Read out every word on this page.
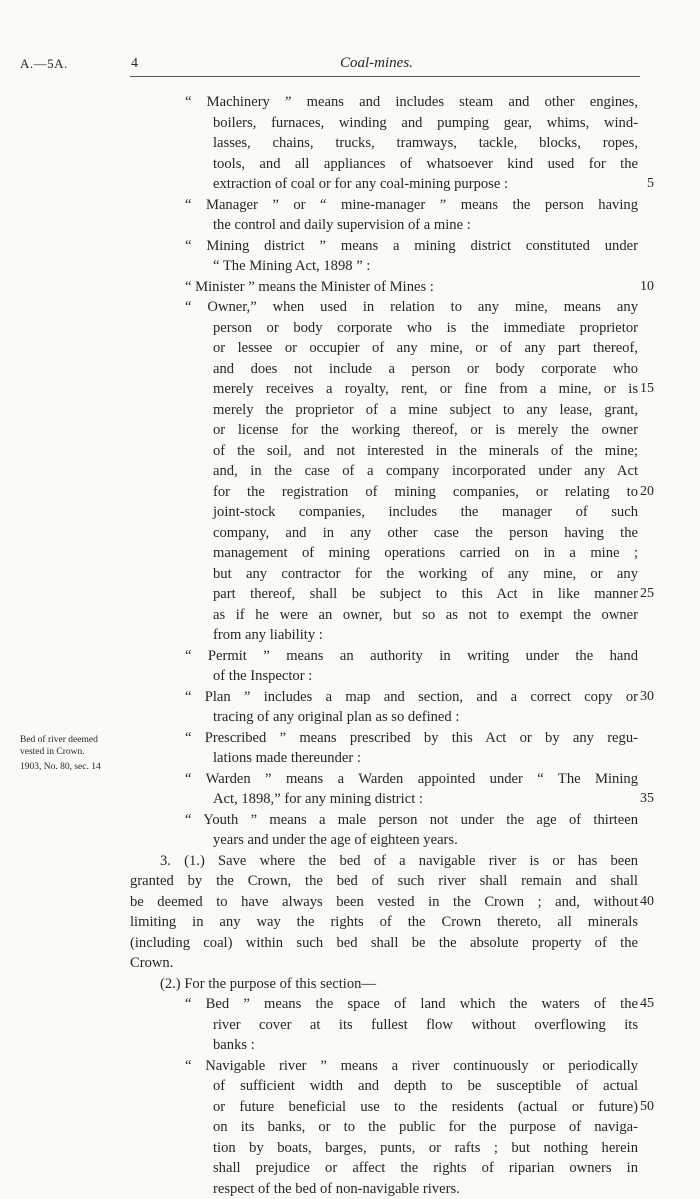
A.—5A.	4	Coal-mines.
“ Machinery ” means and includes steam and other engines,
boilers, furnaces, winding and pumping gear, whims, wind-
lasses, chains, trucks, tramways, tackle, blocks, ropes,
tools, and all appliances of whatsoever kind used for the
extraction of coal or for any coal-mining purpose :	5
“ Manager ” or “ mine-manager ” means the person having
the control and daily supervision of a mine :
“ Mining district ” means a mining district constituted under
“ The Mining Act, 1898 ” :
“ Minister ” means the Minister of Mines :	10
“ Owner,” when used in relation to any mine, means any
person or body corporate who is the immediate proprietor
or lessee or occupier of any mine, or of any part thereof,
and does not include a person or body corporate who
merely receives a royalty, rent, or fine from a mine, or is 15
merely the proprietor of a mine subject to any lease, grant,
or license for the working thereof, or is merely the owner
of the soil, and not interested in the minerals of the mine;
and, in the case of a company incorporated under any Act
for the registration of mining companies, or relating to 20
joint-stock companies, includes the manager of such
company, and in any other case the person having the
management of mining operations carried on in a mine ;
but any contractor for the working of any mine, or any
part thereof, shall be subject to this Act in like manner 25
as if he were an owner, but so as not to exempt the owner
from any liability :
“ Permit ” means an authority in writing under the hand
of the Inspector :
“ Plan ” includes a map and section, and a correct copy or 30
tracing of any original plan as so defined :
“ Prescribed ” means prescribed by this Act or by any regu-
lations made thereunder :
“ Warden ” means a Warden appointed under “ The Mining
Act, 1898,” for any mining district :	35
“ Youth ” means a male person not under the age of thirteen
years and under the age of eighteen years.
3. (1.) Save where the bed of a navigable river is or has been
granted by the Crown, the bed of such river shall remain and shall
be deemed to have always been vested in the Crown ; and, without 40
limiting in any way the rights of the Crown thereto, all minerals
(including coal) within such bed shall be the absolute property of the
Crown.
(2.) For the purpose of this section—
“ Bed ” means the space of land which the waters of the 45
river cover at its fullest flow without overflowing its
banks :
“ Navigable river ” means a river continuously or periodically
of sufficient width and depth to be susceptible of actual
or future beneficial use to the residents (actual or future) 50
on its banks, or to the public for the purpose of naviga-
tion by boats, barges, punts, or rafts ; but nothing herein
shall prejudice or affect the rights of riparian owners in
respect of the bed of non-navigable rivers.
Bed of river deemed
vested in Crown.
1903, No. 80, sec. 14
